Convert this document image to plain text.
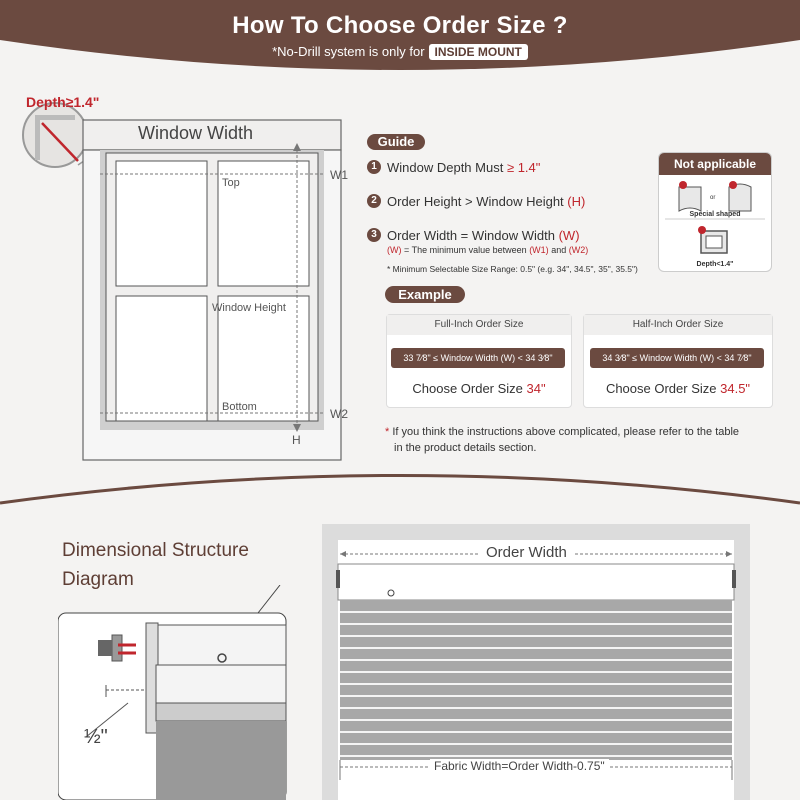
How To Choose Order Size ?
*No-Drill system is only for INSIDE MOUNT
Depth≥1.4"
Window Width
Top
Window Height
Bottom
W1
W2
H
Guide
1 Window Depth Must ≥ 1.4"
2 Order Height > Window Height (H)
3 Order Width = Window Width (W)
(W) = The minimum value between (W1) and (W2)
* Minimum Selectable Size Range: 0.5" (e.g. 34", 34.5", 35", 35.5")
Not applicable
or
Special shaped
Depth<1.4"
Example
Full-Inch Order Size
33 7⁄8" ≤ Window Width (W) < 34 3⁄8"
Choose Order Size 34"
Half-Inch Order Size
34 3⁄8" ≤ Window Width (W) < 34 7⁄8"
Choose Order Size 34.5"
* If you think the instructions above complicated, please refer to the table
in the product details section.
Dimensional Structure
Diagram
½"
Order Width
Fabric Width=Order Width-0.75"
